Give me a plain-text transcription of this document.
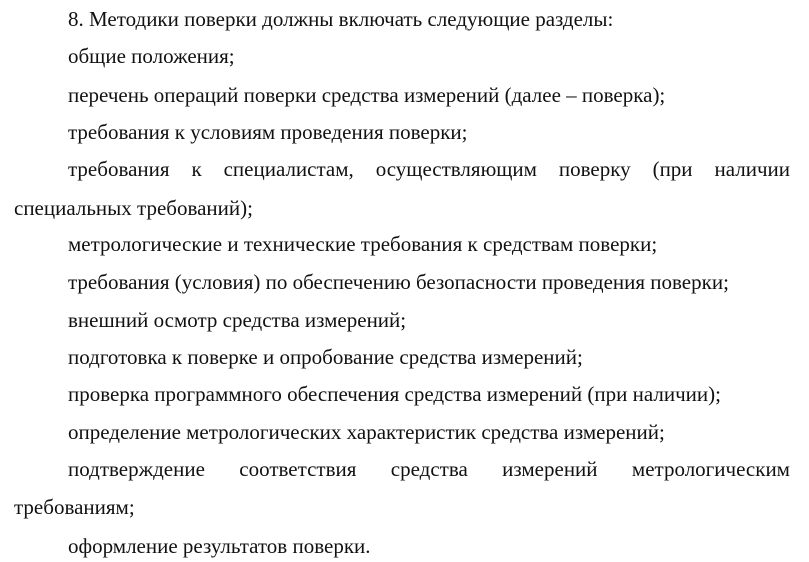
8. Методики поверки должны включать следующие разделы:
общие положения;
перечень операций поверки средства измерений (далее – поверка);
требования к условиям проведения поверки;
требования к специалистам, осуществляющим поверку (при наличии
специальных требований);
метрологические и технические требования к средствам поверки;
требования (условия) по обеспечению безопасности проведения поверки;
внешний осмотр средства измерений;
подготовка к поверке и опробование средства измерений;
проверка программного обеспечения средства измерений (при наличии);
определение метрологических характеристик средства измерений;
подтверждение соответствия средства измерений метрологическим
требованиям;
оформление результатов поверки.
